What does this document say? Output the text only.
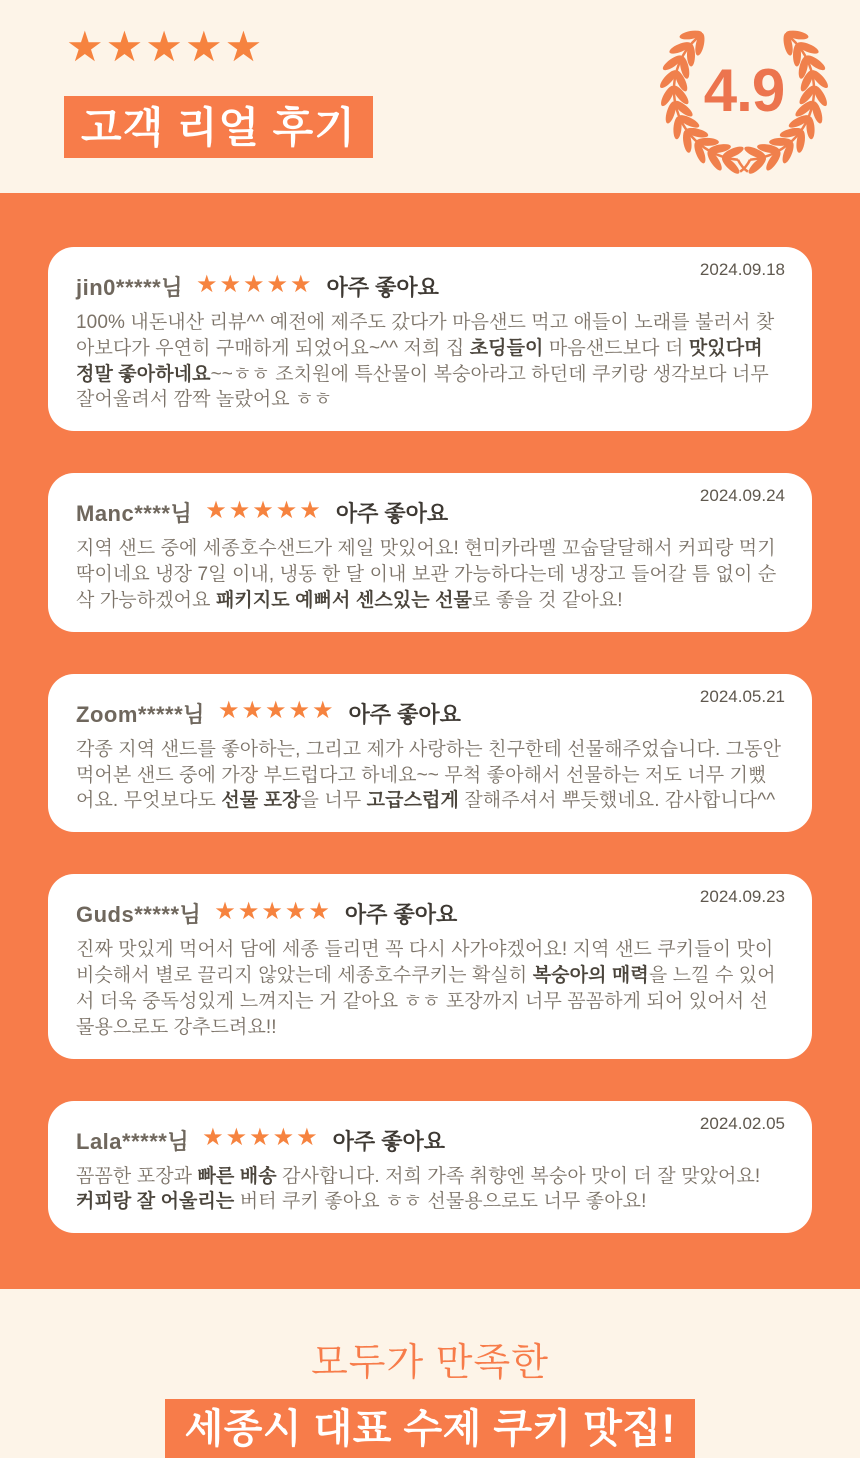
★★★★★
고객 리얼 후기
4.9
2024.09.18
jin0*****님 ★★★★★ 아주 좋아요

100% 내돈내산 리뷰^^ 예전에 제주도 갔다가 마음샌드 먹고 애들이 노래를 불러서 찾아보다가 우연히 구매하게 되었어요~^^ 저희 집 초딩들이 마음샌드보다 더 맛있다며 정말 좋아하네요~~ㅎㅎ 조치원에 특산물이 복숭아라고 하던데 쿠키랑 생각보다 너무 잘어울려서 깜짝 놀랐어요 ㅎㅎ

2024.09.24
Manc****님 ★★★★★ 아주 좋아요

지역 샌드 중에 세종호수샌드가 제일 맛있어요! 현미카라멜 꼬숩달달해서 커피랑 먹기 딱이네요 냉장 7일 이내, 냉동 한 달 이내 보관 가능하다는데 냉장고 들어갈 틈 없이 순삭 가능하겠어요 패키지도 예뻐서 센스있는 선물로 좋을 것 같아요!

2024.05.21
Zoom*****님 ★★★★★ 아주 좋아요

각종 지역 샌드를 좋아하는, 그리고 제가 사랑하는 친구한테 선물해주었습니다. 그동안 먹어본 샌드 중에 가장 부드럽다고 하네요~~ 무척 좋아해서 선물하는 저도 너무 기뻤어요. 무엇보다도 선물 포장을 너무 고급스럽게 잘해주셔서 뿌듯했네요. 감사합니다^^

2024.09.23
Guds*****님 ★★★★★ 아주 좋아요

진짜 맛있게 먹어서 담에 세종 들리면 꼭 다시 사가야겠어요! 지역 샌드 쿠키들이 맛이 비슷해서 별로 끌리지 않았는데 세종호수쿠키는 확실히 복숭아의 매력을 느낄 수 있어서 더욱 중독성있게 느껴지는 거 같아요 ㅎㅎ 포장까지 너무 꼼꼼하게 되어 있어서 선물용으로도 강추드려요!!

2024.02.05
Lala*****님 ★★★★★ 아주 좋아요

꼼꼼한 포장과 빠른 배송 감사합니다. 저희 가족 취향엔 복숭아 맛이 더 잘 맞았어요! 커피랑 잘 어울리는 버터 쿠키 좋아요 ㅎㅎ 선물용으로도 너무 좋아요!

모두가 만족한
세종시 대표 수제 쿠키 맛집!
